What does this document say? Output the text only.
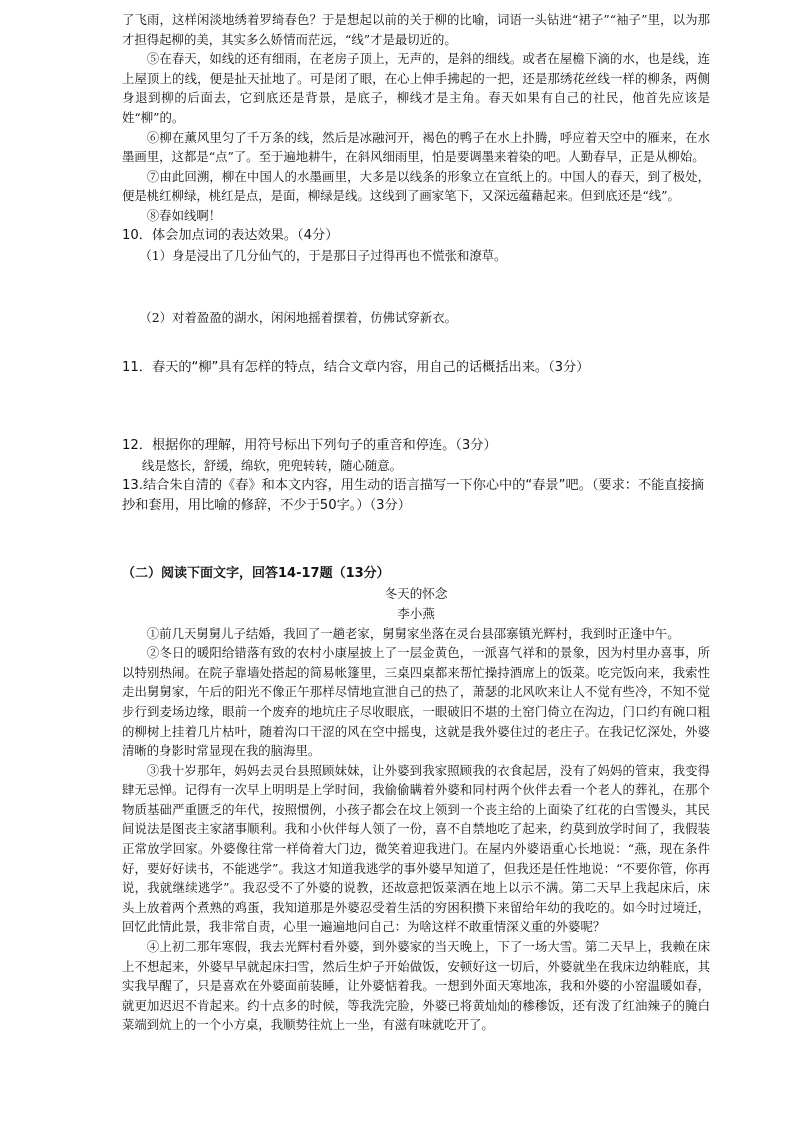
了飞雨，这样闲淡地绣着罗绮春色？于是想起以前的关于柳的比喻，词语一头钻进“裙子”“袖子”里，以为那才担得起柳的美，其实多么娇情而茫远，“线”才是最切近的。

⑤在春天，如线的还有细雨，在老房子顶上，无声的，是斜的细线。或者在屋檐下滴的水，也是线，连上屋顶上的线，便是扯天扯地了。可是闭了眼，在心上伸手拂起的一把，还是那绣花丝线一样的柳条，两侧身退到柳的后面去，它到底还是背景，是底子，柳线才是主角。春天如果有自己的社民，他首先应该是姓“柳”的。

⑥柳在薰风里匀了千万条的线，然后是冰融河开，褐色的鸭子在水上扑腾，呼应着天空中的雁来，在水墨画里，这都是“点”了。至于遍地耕牛，在斜风细雨里，怕是要调墨来着染的吧。人勤春早，正是从柳始。

⑦由此回溯，柳在中国人的水墨画里，大多是以线条的形象立在宣纸上的。中国人的春天，到了极处，便是桃红柳绿，桃红是点，是面，柳绿是线。这线到了画家笔下，又深远蕴藉起来。但到底还是“线”。

⑧春如线啊！

10．体会加点词的表达效果。（4分）

（1）身是浸出了几分仙气的，于是那日子过得再也不慌张和潦草。

（2）对着盈盈的湖水，闲闲地摇着摆着，仿佛试穿新衣。

11．春天的“柳”具有怎样的特点，结合文章内容，用自己的话概括出来。（3分）

12．根据你的理解，用符号标出下列句子的重音和停连。（3分）

线是悠长，舒缓，绵软，兜兜转转，随心随意。

13.结合朱自清的《春》和本文内容，用生动的语言描写一下你心中的“春景”吧。（要求：不能直接摘抄和套用，用比喻的修辞，不少于50字。）（3分）

（二）阅读下面文字，回答14-17题（13分）

冬天的怀念

李小燕

①前几天舅舅儿子结婚，我回了一趟老家，舅舅家坐落在灵台县邵寨镇光辉村，我到时正逢中午。

②冬日的暖阳给错落有致的农村小康屋披上了一层金黄色，一派喜气祥和的景象，因为村里办喜事，所以特别热闹。在院子靠墙处搭起的简易帐篷里，三桌四桌都来帮忙操持酒席上的饭菜。吃完饭向来，我索性走出舅舅家，午后的阳光不像正午那样尽情地宣泄自己的热了，萧瑟的北风吹来让人不觉有些冷，不知不觉步行到麦场边缘，眼前一个废弃的地坑庄子尽收眼底，一眼破旧不堪的土窑门倚立在沟边，门口约有碗口粗的柳树上挂着几片枯叶，随着沟口干涩的风在空中摇曳，这就是我外婆住过的老庄子。在我记忆深处，外婆清晰的身影时常显现在我的脑海里。

③我十岁那年，妈妈去灵台县照顾妹妹，让外婆到我家照顾我的衣食起居，没有了妈妈的管束，我变得肆无忌惮。记得有一次早上明明是上学时间，我偷偷瞒着外婆和同村两个伙伴去看一个老人的葬礼，在那个物质基础严重匮乏的年代，按照惯例，小孩子都会在坟上领到一个丧主给的上面染了红花的白雪馒头，其民间说法是图丧主家諸事顺利。我和小伙伴每人领了一份，喜不自禁地吃了起来，约莫到放学时间了，我假装正常放学回家。外婆像往常一样倚着大门边，微笑着迎我进门。在屋内外婆语重心长地说：“燕，现在条件好，要好好读书，不能逃学”。我这才知道我逃学的事外婆早知道了，但我还是任性地说：“不要你管，你再说，我就继续逃学”。我忍受不了外婆的说教，还故意把饭菜洒在地上以示不满。第二天早上我起床后，床头上放着两个煮熟的鸡蛋，我知道那是外婆忍受着生活的穷困积攒下来留给年幼的我吃的。如今时过境迁，回忆此情此景，我非常自责，心里一遍遍地问自己：为啥这样不敢重情深义重的外婆呢？

④上初二那年寒假，我去光辉村看外婆，到外婆家的当天晚上，下了一场大雪。第二天早上，我赖在床上不想起来，外婆早早就起床扫雪，然后生炉子开始做饭，安顿好这一切后，外婆就坐在我床边纳鞋底，其实我早醒了，只是喜欢在外婆面前装睡，让外婆惦着我。一想到外面天寒地冻，我和外婆的小窑温暖如春，就更加迟迟不肯起来。约十点多的时候，等我洗完脸，外婆已将黄灿灿的䅟䅟饭，还有泼了红油辣子的腌白菜端到炕上的一个小方桌，我顺势往炕上一坐，有滋有味就吃开了。
